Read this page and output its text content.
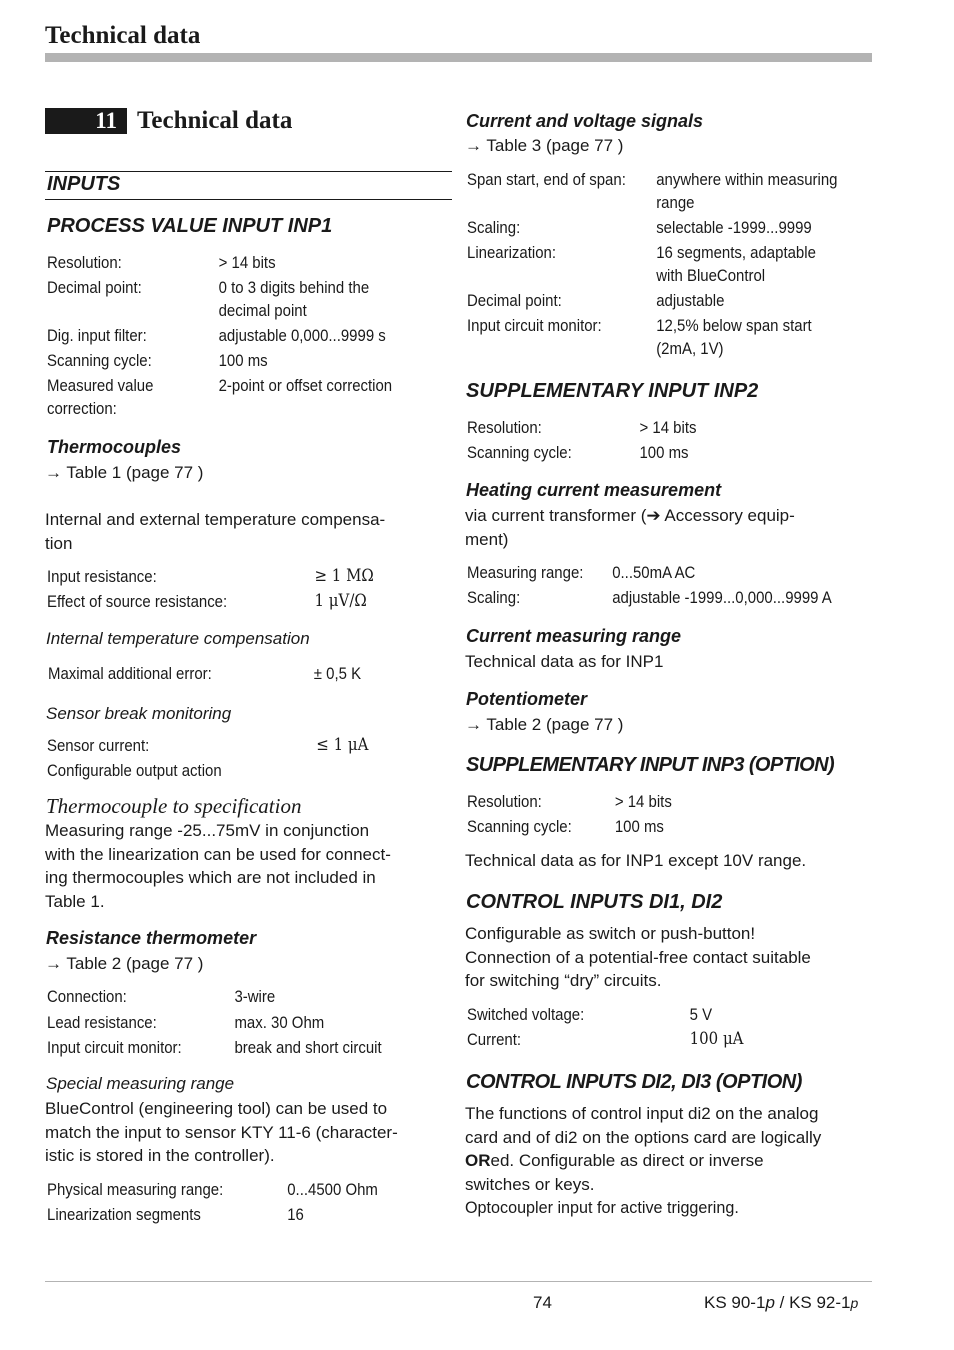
Technical data
11 Technical data
INPUTS
PROCESS VALUE INPUT INP1
Resolution:	> 14 bits
Decimal point:	0 to 3 digits behind the
decimal point
Dig. input filter:	adjustable 0,000...9999 s
Scanning cycle:	100 ms
Measured value	2-point or offset correction
correction:
Thermocouples
→ Table 1 (page 77 )
Internal and external temperature compensa-
tion
Input resistance:	≥ 1 MΩ
Effect of source resistance:	1 μV/Ω
Internal temperature compensation
Maximal additional error:	± 0,5 K
Sensor break monitoring
Sensor current:	≤ 1 μA
Configurable output action
Thermocouple to specification
Measuring range -25...75mV in conjunction
with the linearization can be used for connect-
ing thermocouples which are not included in
Table 1.
Resistance thermometer
→ Table 2 (page 77 )
Connection:	3-wire
Lead resistance:	max. 30 Ohm
Input circuit monitor:	break and short circuit
Special measuring range
BlueControl (engineering tool) can be used to
match the input to sensor KTY 11-6 (character-
istic is stored in the controller).
Physical measuring range:	0...4500 Ohm
Linearization segments	16
Current and voltage signals
→ Table 3 (page 77 )
Span start, end of span: anywhere within measuring
range
Scaling:	selectable -1999...9999
Linearization:	16 segments, adaptable
with BlueControl
Decimal point:	adjustable
Input circuit monitor:	12,5% below span start
(2mA, 1V)
SUPPLEMENTARY INPUT INP2
Resolution:	> 14 bits
Scanning cycle:	100 ms
Heating current measurement
via current transformer (➔ Accessory equip-
ment)
Measuring range: 0...50mA AC
Scaling:	adjustable -1999...0,000...9999 A
Current measuring range
Technical data as for INP1
Potentiometer
→ Table 2 (page 77 )
SUPPLEMENTARY INPUT INP3 (OPTION)
Resolution:	> 14 bits
Scanning cycle:	100 ms
Technical data as for INP1 except 10V range.
CONTROL INPUTS DI1, DI2
Configurable as switch or push-button!
Connection of a potential-free contact suitable
for switching “dry” circuits.
Switched voltage:	5 V
Current:	100 μA
CONTROL INPUTS DI2, DI3 (OPTION)
The functions of control input di2 on the analog
card and of di2 on the options card are logically
ORed. Configurable as direct or inverse
switches or keys.
Optocoupler input for active triggering.
74	KS 90-1p / KS 92-1p
